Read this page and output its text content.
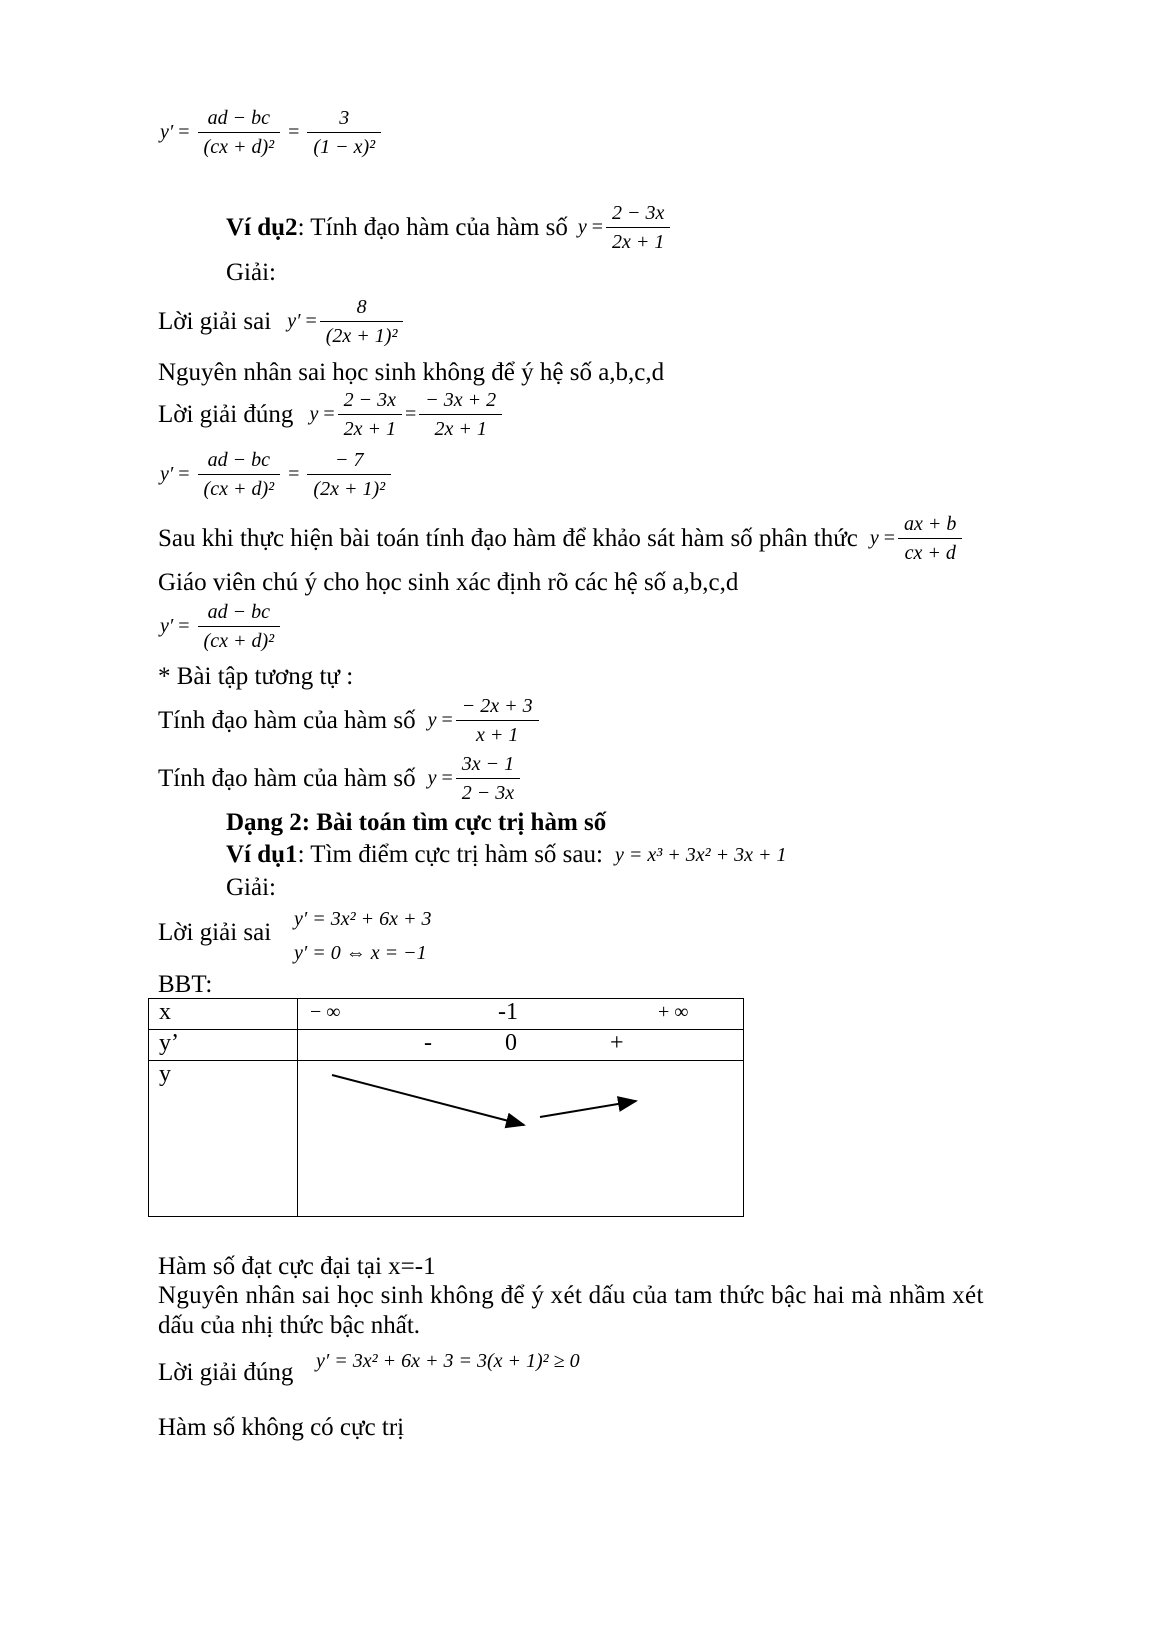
$y' = \frac{ad - bc}{\text{(cx + d)²}} = \frac{3}{\text{(1 − x)²}}$
Ví dụ2 : Tính đạo hàm của hàm số $y = \frac{2 - 3x}{2x + 1}$
Giải:
Lời giải sai $y' = \frac{8}{\text{(2x + 1)²}}$
Nguyên nhân sai học sinh không để ý hệ số a,b,c,d
Lời giải đúng $y = \frac{2 - 3x}{2x + 1} = \frac{- 3x + 2}{2x + 1}$
$y' = \frac{ad - bc}{\text{(cx + d)²}} = \frac{- 7}{\text{(2x + 1)²}}$
Sau khi thực hiện bài toán tính đạo hàm để khảo sát hàm số phân thức $y = \frac{ax + b}{cx + d}$
Giáo viên chú ý cho học sinh xác định rõ các hệ số a,b,c,d
$y' = \frac{ad - bc}{\text{(cx + d)²}}$
* Bài tập tương tự :
Tính đạo hàm của hàm số $y = \frac{- 2x + 3}{x + 1}$
Tính đạo hàm của hàm số $y = \frac{3x - 1}{2 - 3x}$
Dạng 2: Bài toán tìm cực trị hàm số
Ví dụ1 : Tìm điểm cực trị hàm số sau: y = x³ + 3x² + 3x + 1
Giải:
Lời giải sai y′ = 3x² + 6x + 3
y′ = 0 ⇔ x = −1
BBT:
x	− ∞ -1 + ∞

y’	- 0 +

y	
Hàm số đạt cực đại tại x=-1
Nguyên nhân sai học sinh không để ý xét dấu của tam thức bậc hai mà nhầm xét
dấu của nhị thức bậc nhất.
Lời giải đúng y′ = 3x² + 6x + 3 = 3(x + 1)² ≥ 0
Hàm số không có cực trị
